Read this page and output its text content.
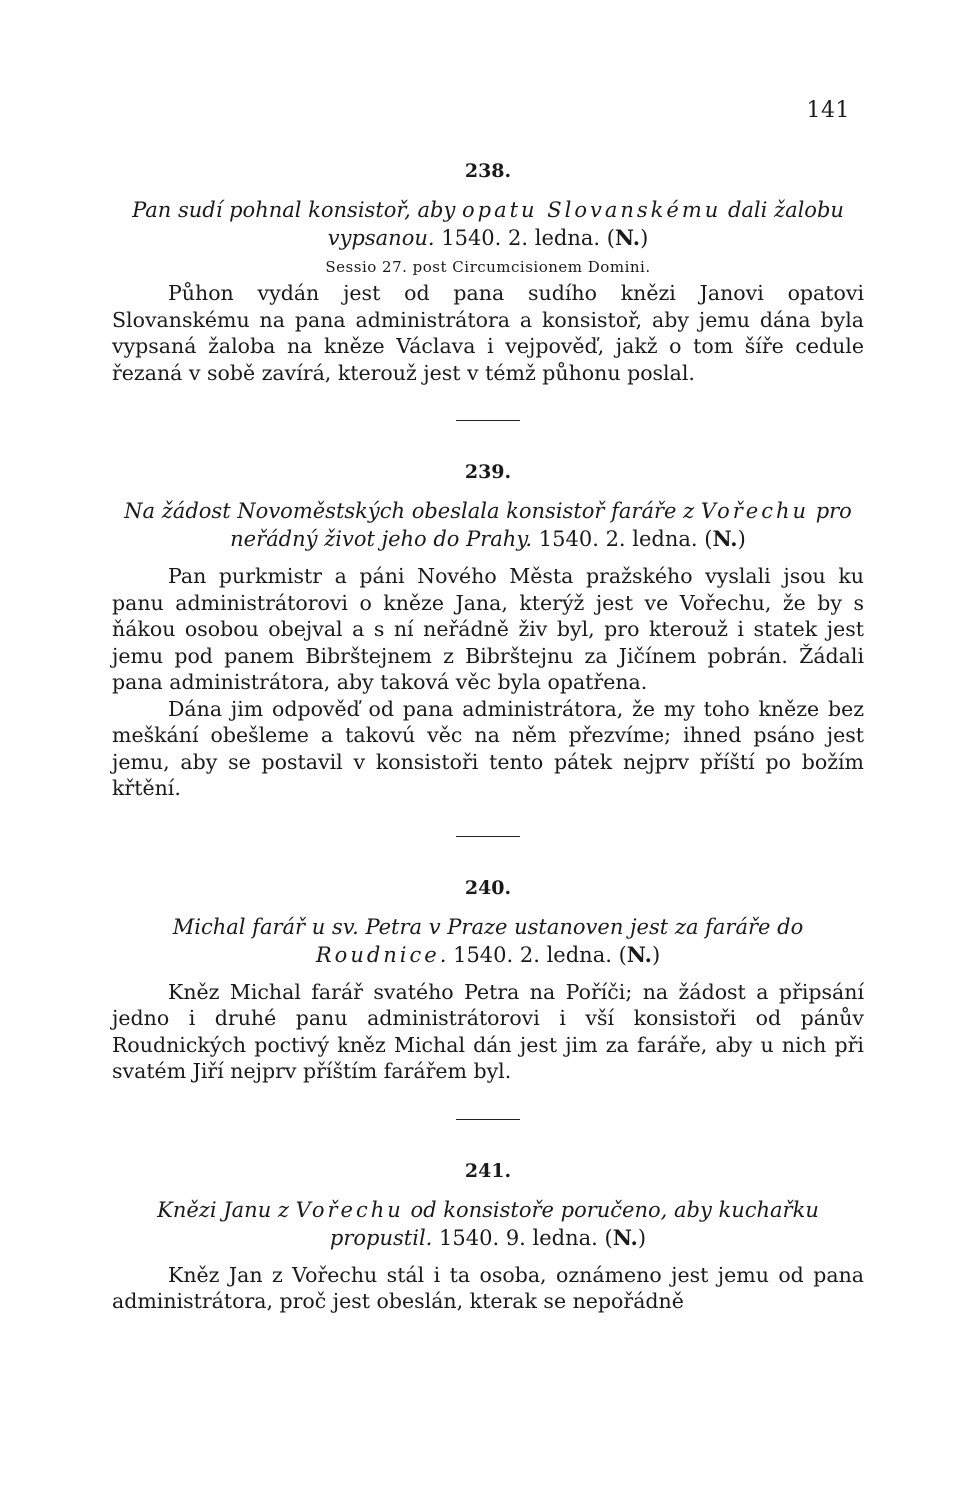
141
238.
Pan sudí pohnal konsistoř, aby opatu Slovanskému dali žalobu vypsanou. 1540. 2. ledna. (N.)
Sessio 27. post Circumcisionem Domini.

Půhon vydán jest od pana sudího knězi Janovi opatovi Slovanskému na pana administrátora a konsistoř, aby jemu dána byla vypsaná žaloba na kněze Václava i vejpověď, jakž o tom šíře cedule řezaná v sobě zavírá, kterouž jest v témž půhonu poslal.

239.
Na žádost Novoměstských obeslala konsistoř faráře z Vořechu pro neřádný život jeho do Prahy. 1540. 2. ledna. (N.)

Pan purkmistr a páni Nového Města pražského vyslali jsou ku panu administrátorovi o kněze Jana, kterýž jest ve Vořechu, že by s ňákou osobou obejval a s ní neřádně živ byl, pro kterouž i statek jest jemu pod panem Bibrštejnem z Bibrštejnu za Jičínem pobrán. Žádali pana administrátora, aby taková věc byla opatřena.

Dána jim odpověď od pana administrátora, že my toho kněze bez meškání obešleme a takovú věc na něm přezvíme; ihned psáno jest jemu, aby se postavil v konsistoři tento pátek nejprv příští po božím křtění.

240.
Michal farář u sv. Petra v Praze ustanoven jest za faráře do Roudnice. 1540. 2. ledna. (N.)

Kněz Michal farář svatého Petra na Poříči; na žádost a připsání jedno i druhé panu administrátorovi i vší konsistoři od pánův Roudnických poctivý kněz Michal dán jest jim za faráře, aby u nich při svatém Jiří nejprv příštím farářem byl.

241.
Knězi Janu z Vořechu od konsistoře poručeno, aby kuchařku propustil. 1540. 9. ledna. (N.)

Kněz Jan z Vořechu stál i ta osoba, oznámeno jest jemu od pana administrátora, proč jest obeslán, kterak se nepořádně
